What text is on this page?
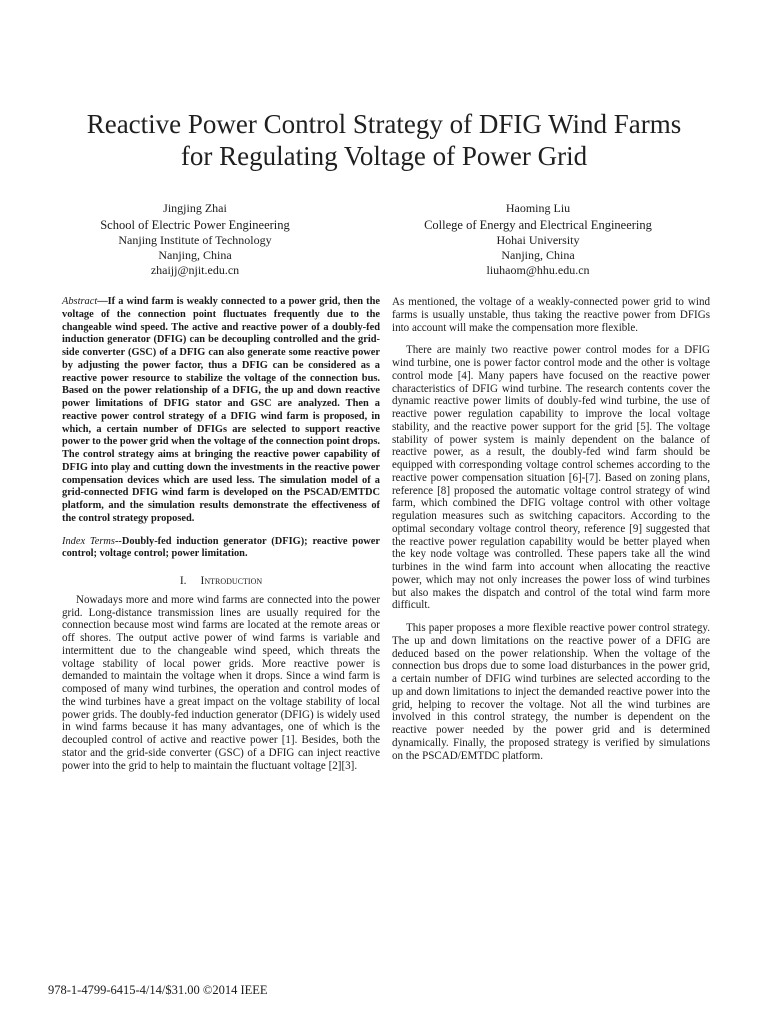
Reactive Power Control Strategy of DFIG Wind Farms
for Regulating Voltage of Power Grid
Jingjing Zhai
School of Electric Power Engineering
Nanjing Institute of Technology
Nanjing, China
zhaijj@njit.edu.cn
Haoming Liu
College of Energy and Electrical Engineering
Hohai University
Nanjing, China
liuhaom@hhu.edu.cn

Abstract—If a wind farm is weakly connected to a power grid, then the voltage of the connection point fluctuates frequently due to the changeable wind speed. The active and reactive power of a doubly-fed induction generator (DFIG) can be decoupling controlled and the grid-side converter (GSC) of a DFIG can also generate some reactive power by adjusting the power factor, thus a DFIG can be considered as a reactive power resource to stabilize the voltage of the connection bus. Based on the power relationship of a DFIG, the up and down reactive power limitations of DFIG stator and GSC are analyzed. Then a reactive power control strategy of a DFIG wind farm is proposed, in which, a certain number of DFIGs are selected to support reactive power to the power grid when the voltage of the connection point drops. The control strategy aims at bringing the reactive power capability of DFIG into play and cutting down the investments in the reactive power compensation devices which are used less. The simulation model of a grid-connected DFIG wind farm is developed on the PSCAD/EMTDC platform, and the simulation results demonstrate the effectiveness of the control strategy proposed.

Index Terms--Doubly-fed induction generator (DFIG); reactive power control; voltage control; power limitation.

I. Introduction

Nowadays more and more wind farms are connected into the power grid. Long-distance transmission lines are usually required for the connection because most wind farms are located at the remote areas or off shores. The output active power of wind farms is variable and intermittent due to the changeable wind speed, which threats the voltage stability of local power grids. More reactive power is demanded to maintain the voltage when it drops. Since a wind farm is composed of many wind turbines, the operation and control modes of the wind turbines have a great impact on the voltage stability of local power grids. The doubly-fed induction generator (DFIG) is widely used in wind farms because it has many advantages, one of which is the decoupled control of active and reactive power [1]. Besides, both the stator and the grid-side converter (GSC) of a DFIG can inject reactive power into the grid to help to maintain the fluctuant voltage [2][3].

As mentioned, the voltage of a weakly-connected power grid to wind farms is usually unstable, thus taking the reactive power from DFIGs into account will make the compensation more flexible.

There are mainly two reactive power control modes for a DFIG wind turbine, one is power factor control mode and the other is voltage control mode [4]. Many papers have focused on the reactive power characteristics of DFIG wind turbine. The research contents cover the dynamic reactive power limits of doubly-fed wind turbine, the use of reactive power regulation capability to improve the local voltage stability, and the reactive power support for the grid [5]. The voltage stability of power system is mainly dependent on the balance of reactive power, as a result, the doubly-fed wind farm should be equipped with corresponding voltage control schemes according to the reactive power compensation situation [6]-[7]. Based on zoning plans, reference [8] proposed the automatic voltage control strategy of wind farm, which combined the DFIG voltage control with other voltage regulation measures such as switching capacitors. According to the optimal secondary voltage control theory, reference [9] suggested that the reactive power regulation capability would be better played when the key node voltage was controlled. These papers take all the wind turbines in the wind farm into account when allocating the reactive power, which may not only increases the power loss of wind turbines but also makes the dispatch and control of the total wind farm more difficult.

This paper proposes a more flexible reactive power control strategy. The up and down limitations on the reactive power of a DFIG are deduced based on the power relationship. When the voltage of the connection bus drops due to some load disturbances in the power grid, a certain number of DFIG wind turbines are selected according to the up and down limitations to inject the demanded reactive power into the grid, helping to recover the voltage. Not all the wind turbines are involved in this control strategy, the number is dependent on the reactive power needed by the power grid and is determined dynamically. Finally, the proposed strategy is verified by simulations on the PSCAD/EMTDC platform.

978-1-4799-6415-4/14/$31.00 ©2014 IEEE
